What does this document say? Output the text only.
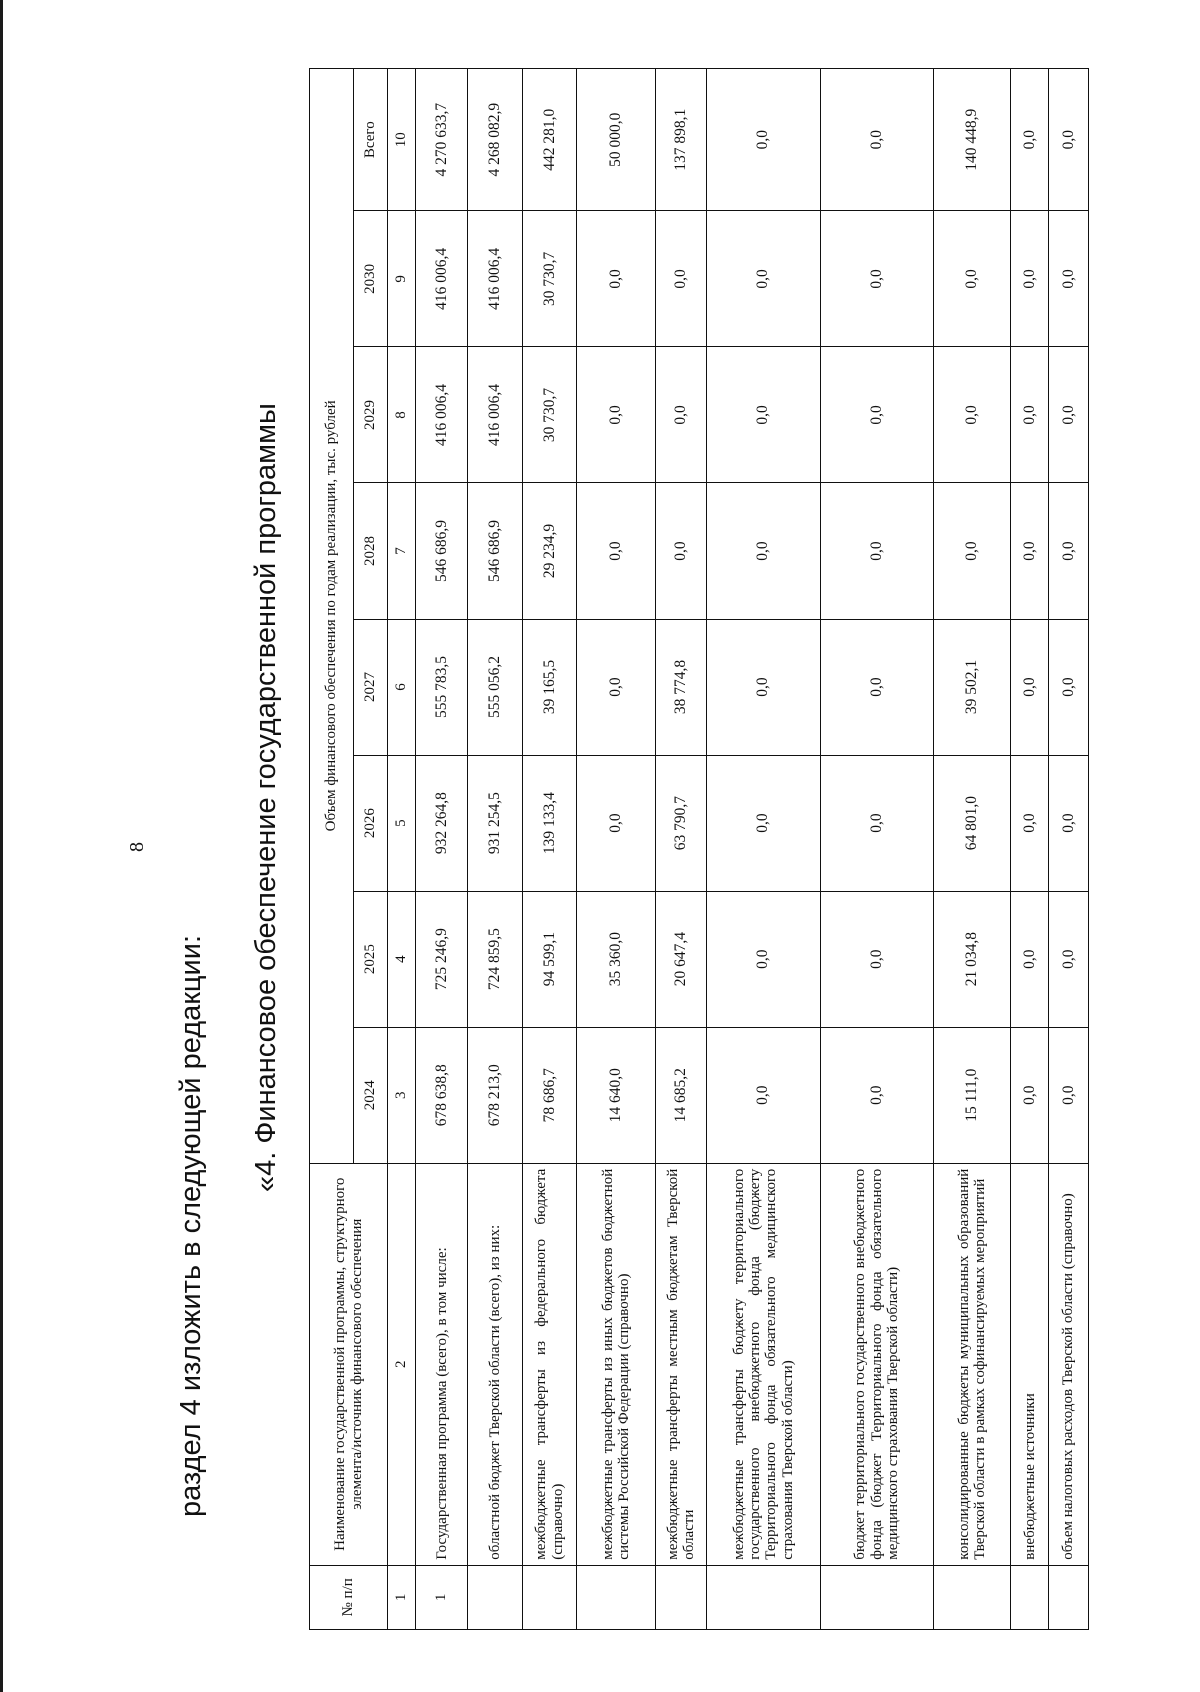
8
раздел 4 изложить в следующей редакции:
«4. Финансовое обеспечение государственной программы
№ п/п	Наименование государственной программы, структурного элемента/источник финансового обеспечения	Объем финансового обеспечения по годам реализации, тыс. рублей							
		2024	2025	2026	2027	2028	2029	2030	Всего
1	2	3	4	5	6	7	8	9	10
1	Государственная программа (всего), в том числе:	678 638,8	725 246,9	932 264,8	555 783,5	546 686,9	416 006,4	416 006,4	4 270 633,7
	областной бюджет Тверской области (всего), из них:	678 213,0	724 859,5	931 254,5	555 056,2	546 686,9	416 006,4	416 006,4	4 268 082,9
	межбюджетные трансферты из федерального бюджета (справочно)	78 686,7	94 599,1	139 133,4	39 165,5	29 234,9	30 730,7	30 730,7	442 281,0
	межбюджетные трансферты из иных бюджетов бюджетной системы Российской Федерации (справочно)	14 640,0	35 360,0	0,0	0,0	0,0	0,0	0,0	50 000,0
	межбюджетные трансферты местным бюджетам Тверской области	14 685,2	20 647,4	63 790,7	38 774,8	0,0	0,0	0,0	137 898,1
	межбюджетные трансферты бюджету территориального государственного внебюджетного фонда (бюджету Территориального фонда обязательного медицинского страхования Тверской области)	0,0	0,0	0,0	0,0	0,0	0,0	0,0	0,0
	бюджет территориального государственного внебюджетного фонда (бюджет Территориального фонда обязательного медицинского страхования Тверской области)	0,0	0,0	0,0	0,0	0,0	0,0	0,0	0,0
	консолидированные бюджеты муниципальных образований Тверской области в рамках софинансируемых мероприятий	15 111,0	21 034,8	64 801,0	39 502,1	0,0	0,0	0,0	140 448,9
	внебюджетные источники	0,0	0,0	0,0	0,0	0,0	0,0	0,0	0,0
	объем налоговых расходов Тверской области (справочно)	0,0	0,0	0,0	0,0	0,0	0,0	0,0	0,0
